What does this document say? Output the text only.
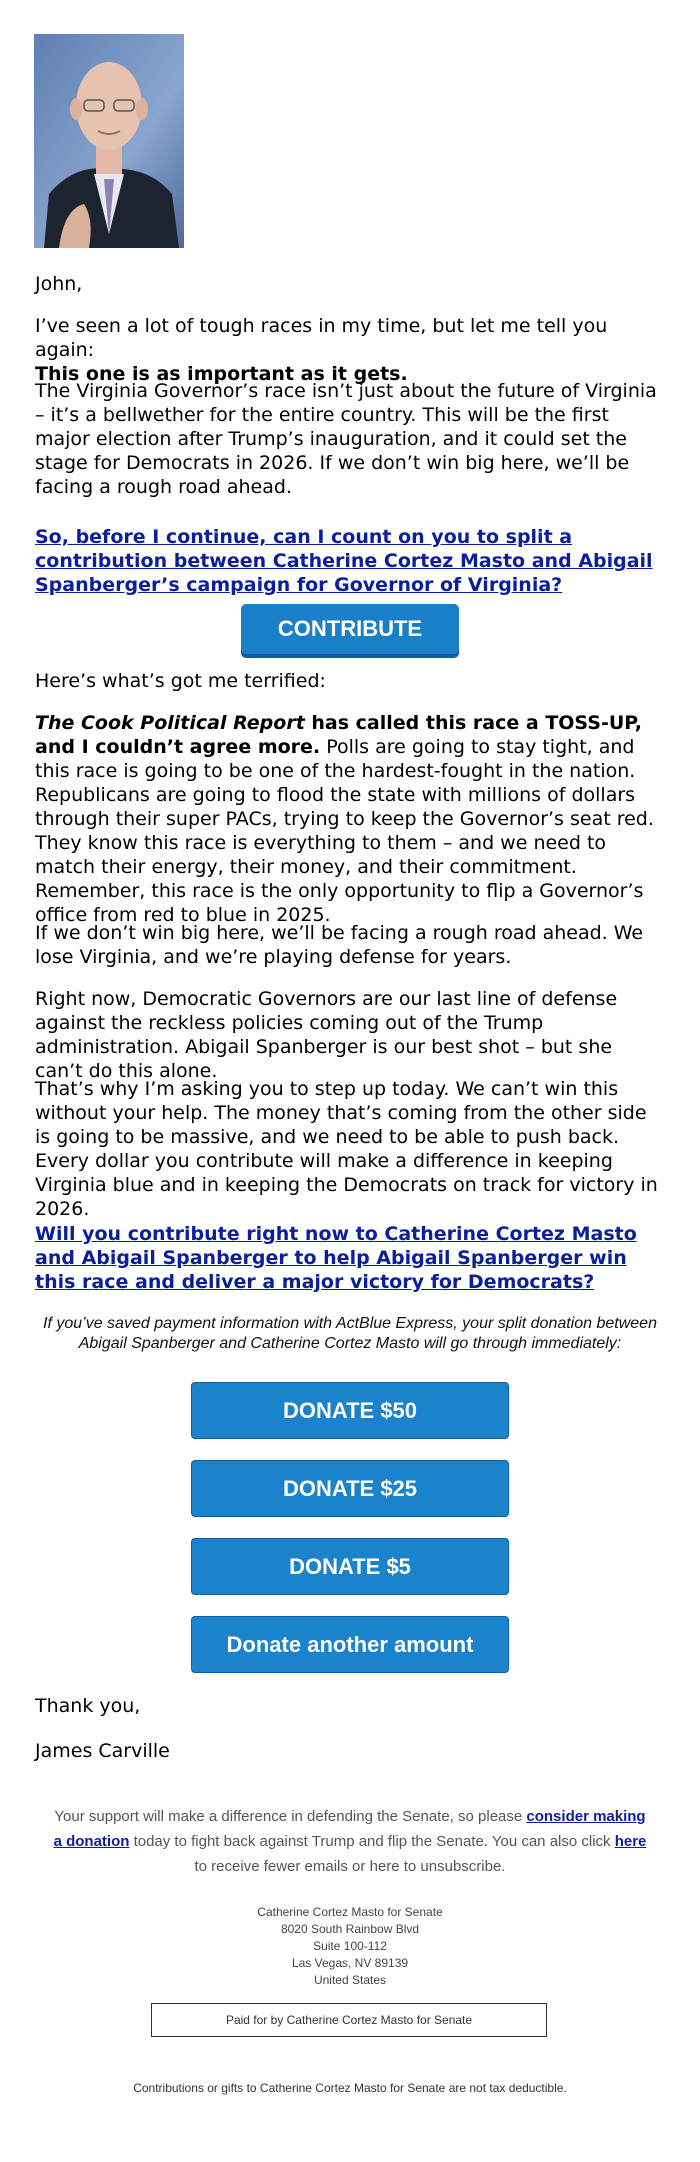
John,

I’ve seen a lot of tough races in my time, but let me tell you again:
This one is as important as it gets.

The Virginia Governor’s race isn’t just about the future of Virginia – it’s a bellwether for the entire country. This will be the first major election after Trump’s inauguration, and it could set the stage for Democrats in 2026. If we don’t win big here, we’ll be facing a rough road ahead.
So, before I continue, can I count on you to split a contribution between Catherine Cortez Masto and Abigail Spanberger’s campaign for Governor of Virginia?
CONTRIBUTE
Here’s what’s got me terrified:

The Cook Political Report has called this race a TOSS-UP, and I couldn’t agree more. Polls are going to stay tight, and this race is going to be one of the hardest-fought in the nation. Republicans are going to flood the state with millions of dollars through their super PACs, trying to keep the Governor’s seat red. They know this race is everything to them – and we need to match their energy, their money, and their commitment. Remember, this race is the only opportunity to flip a Governor’s office from red to blue in 2025.

If we don’t win big here, we’ll be facing a rough road ahead. We lose Virginia, and we’re playing defense for years.
Right now, Democratic Governors are our last line of defense against the reckless policies coming out of the Trump administration. Abigail Spanberger is our best shot – but she can’t do this alone.
That’s why I’m asking you to step up today. We can’t win this without your help. The money that’s coming from the other side is going to be massive, and we need to be able to push back. Every dollar you contribute will make a difference in keeping Virginia blue and in keeping the Democrats on track for victory in 2026.
Will you contribute right now to Catherine Cortez Masto and Abigail Spanberger to help Abigail Spanberger win this race and deliver a major victory for Democrats?
If you’ve saved payment information with ActBlue Express, your split donation between Abigail Spanberger and Catherine Cortez Masto will go through immediately:
DONATE $50
DONATE $25
DONATE $5
Donate another amount
Thank you,
James Carville
Your support will make a difference in defending the Senate, so please consider making a donation today to fight back against Trump and flip the Senate. You can also click here to receive fewer emails or here to unsubscribe.
Catherine Cortez Masto for Senate
8020 South Rainbow Blvd
Suite 100-112
Las Vegas, NV 89139
United States
Paid for by Catherine Cortez Masto for Senate
Contributions or gifts to Catherine Cortez Masto for Senate are not tax deductible.
